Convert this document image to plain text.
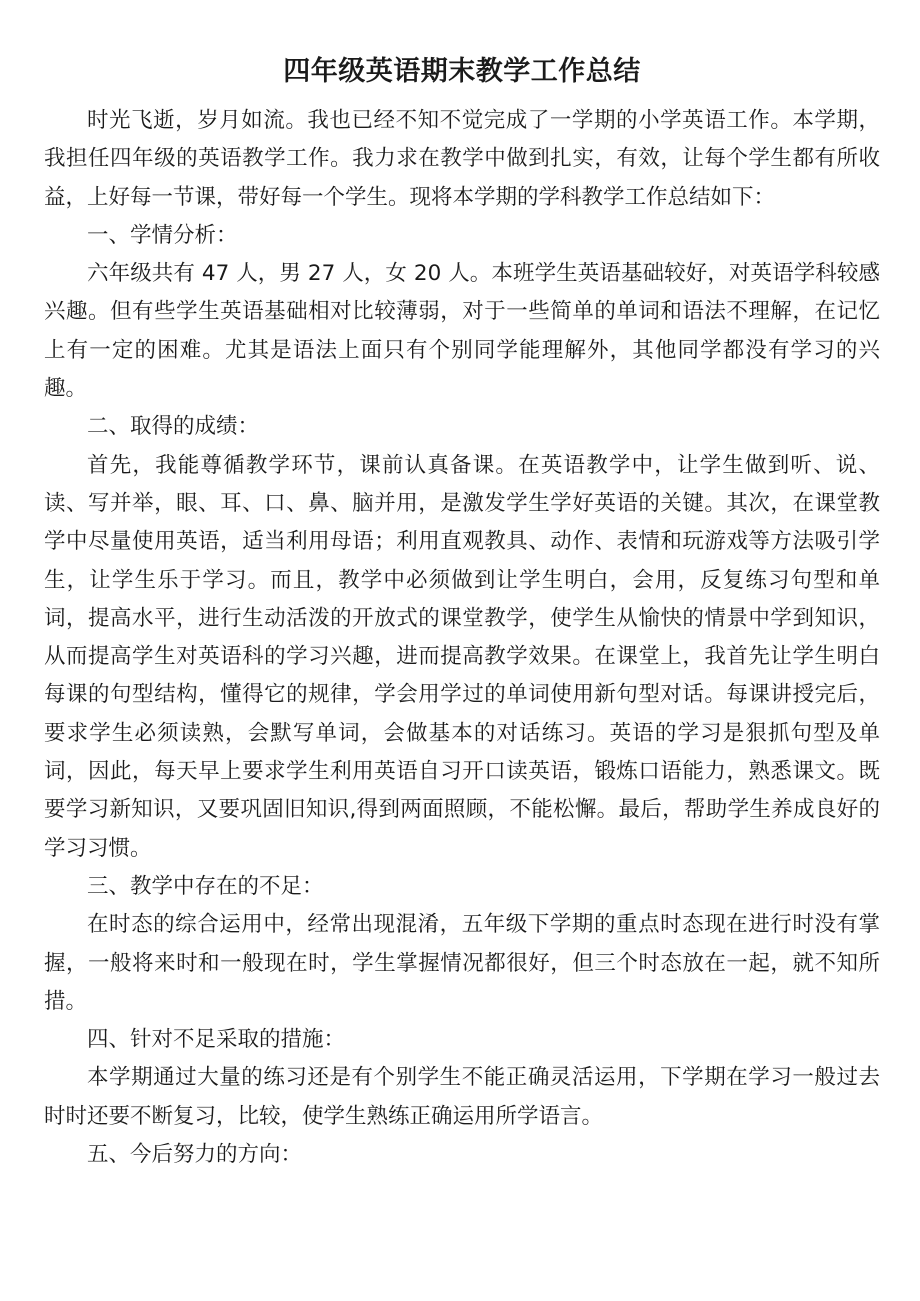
四年级英语期末教学工作总结

时光飞逝，岁月如流。我也已经不知不觉完成了一学期的小学英语工作。本学期，我担任四年级的英语教学工作。我力求在教学中做到扎实，有效，让每个学生都有所收益，上好每一节课，带好每一个学生。现将本学期的学科教学工作总结如下：

一、学情分析：

六年级共有 47 人，男 27 人，女 20 人。本班学生英语基础较好，对英语学科较感兴趣。但有些学生英语基础相对比较薄弱，对于一些简单的单词和语法不理解，在记忆上有一定的困难。尤其是语法上面只有个别同学能理解外，其他同学都没有学习的兴趣。

二、取得的成绩：

首先，我能尊循教学环节，课前认真备课。在英语教学中，让学生做到听、说、读、写并举，眼、耳、口、鼻、脑并用，是激发学生学好英语的关键。其次，在课堂教学中尽量使用英语，适当利用母语；利用直观教具、动作、表情和玩游戏等方法吸引学生，让学生乐于学习。而且，教学中必须做到让学生明白，会用，反复练习句型和单词，提高水平，进行生动活泼的开放式的课堂教学，使学生从愉快的情景中学到知识，从而提高学生对英语科的学习兴趣，进而提高教学效果。在课堂上，我首先让学生明白每课的句型结构，懂得它的规律，学会用学过的单词使用新句型对话。每课讲授完后，要求学生必须读熟，会默写单词，会做基本的对话练习。英语的学习是狠抓句型及单词，因此，每天早上要求学生利用英语自习开口读英语，锻炼口语能力，熟悉课文。既要学习新知识，又要巩固旧知识,得到两面照顾，不能松懈。最后，帮助学生养成良好的学习习惯。

三、教学中存在的不足：

在时态的综合运用中，经常出现混淆，五年级下学期的重点时态现在进行时没有掌握，一般将来时和一般现在时，学生掌握情况都很好，但三个时态放在一起，就不知所措。

四、针对不足采取的措施：

本学期通过大量的练习还是有个别学生不能正确灵活运用，下学期在学习一般过去时时还要不断复习，比较，使学生熟练正确运用所学语言。

五、今后努力的方向：
